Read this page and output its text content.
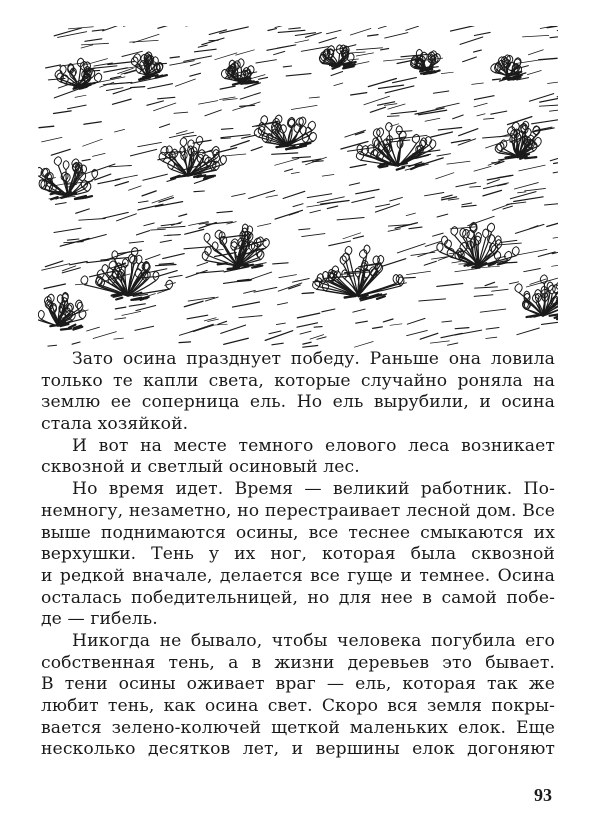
Зато осина празднует победу. Раньше она ловила
только те капли света, которые случайно роняла на
землю ее соперница ель. Но ель вырубили, и осина
стала хозяйкой.
И вот на месте темного елового леса возникает
сквозной и светлый осиновый лес.
Но время идет. Время — великий работник. По-
немногу, незаметно, но перестраивает лесной дом. Все
выше поднимаются осины, все теснее смыкаются их
верхушки. Тень у их ног, которая была сквозной
и редкой вначале, делается все гуще и темнее. Осина
осталась победительницей, но для нее в самой побе-
де — гибель.
Никогда не бывало, чтобы человека погубила его
собственная тень, а в жизни деревьев это бывает.
В тени осины оживает враг — ель, которая так же
любит тень, как осина свет. Скоро вся земля покры-
вается зелено-колючей щеткой маленьких елок. Еще
несколько десятков лет, и вершины елок догоняют
93
